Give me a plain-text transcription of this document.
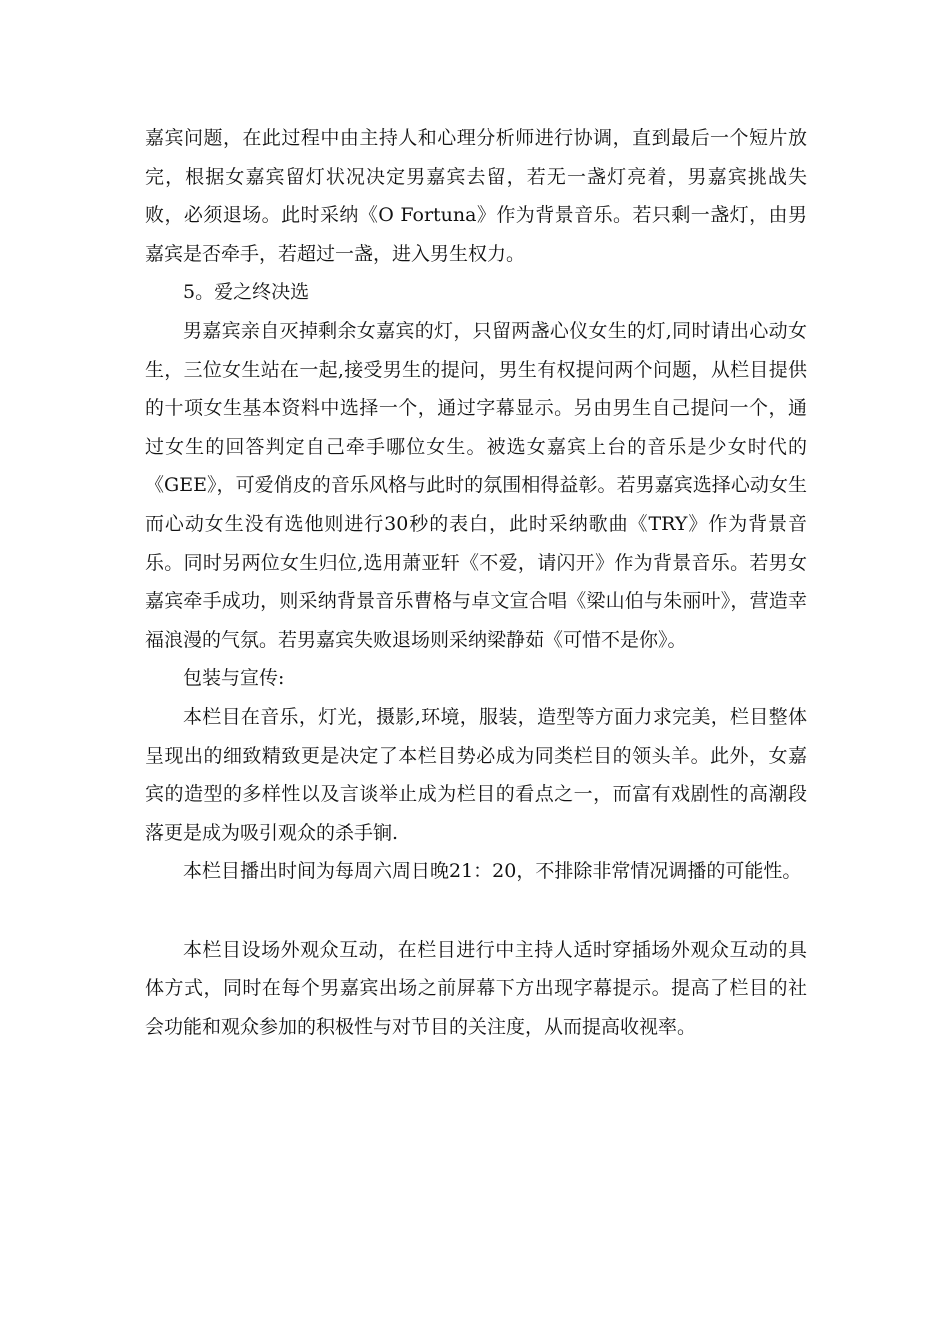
嘉宾问题，在此过程中由主持人和心理分析师进行协调，直到最后一个短片放完，根据女嘉宾留灯状况决定男嘉宾去留，若无一盏灯亮着，男嘉宾挑战失败，必须退场。此时采纳《O Fortuna》作为背景音乐。若只剩一盏灯，由男嘉宾是否牵手，若超过一盏，进入男生权力。

5。爱之终决选

男嘉宾亲自灭掉剩余女嘉宾的灯，只留两盏心仪女生的灯,同时请出心动女生，三位女生站在一起,接受男生的提问，男生有权提问两个问题，从栏目提供的十项女生基本资料中选择一个，通过字幕显示。另由男生自己提问一个，通过女生的回答判定自己牵手哪位女生。被选女嘉宾上台的音乐是少女时代的《GEE》，可爱俏皮的音乐风格与此时的氛围相得益彰。若男嘉宾选择心动女生而心动女生没有选他则进行30秒的表白，此时采纳歌曲《TRY》作为背景音乐。同时另两位女生归位,选用萧亚轩《不爱，请闪开》作为背景音乐。若男女嘉宾牵手成功，则采纳背景音乐曹格与卓文宣合唱《梁山伯与朱丽叶》，营造幸福浪漫的气氛。若男嘉宾失败退场则采纳梁静茹《可惜不是你》。

包装与宣传:

本栏目在音乐，灯光，摄影,环境，服装，造型等方面力求完美，栏目整体呈现出的细致精致更是决定了本栏目势必成为同类栏目的领头羊。此外，女嘉宾的造型的多样性以及言谈举止成为栏目的看点之一，而富有戏剧性的高潮段落更是成为吸引观众的杀手锏.

本栏目播出时间为每周六周日晚21：20，不排除非常情况调播的可能性。

本栏目设场外观众互动，在栏目进行中主持人适时穿插场外观众互动的具体方式，同时在每个男嘉宾出场之前屏幕下方出现字幕提示。提高了栏目的社会功能和观众参加的积极性与对节目的关注度，从而提高收视率。
